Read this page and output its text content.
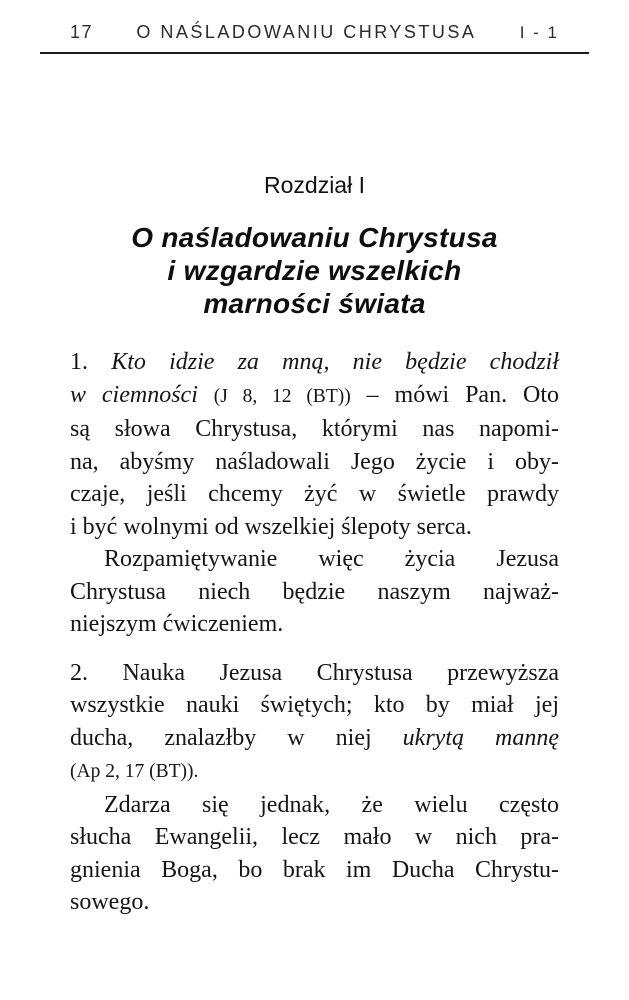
17 O NAŚLADOWANIU CHRYSTUSA	I - 1
Rozdział I
O naśladowaniu Chrystusa
i wzgardzie wszelkich
marności świata
1. Kto idzie za mną, nie będzie chodził
w ciemności (J 8, 12 (BT)) – mówi Pan. Oto
są słowa Chrystusa, którymi nas napomi-
na, abyśmy naśladowali Jego życie i oby-
czaje, jeśli chcemy żyć w świetle prawdy
i być wolnymi od wszelkiej ślepoty serca.
Rozpamiętywanie więc życia Jezusa
Chrystusa niech będzie naszym najważ-
niejszym ćwiczeniem.
2. Nauka Jezusa Chrystusa przewyższa
wszystkie nauki świętych; kto by miał jej
ducha, znalazłby w niej ukrytą mannę
(Ap 2, 17 (BT)).
Zdarza się jednak, że wielu często
słucha Ewangelii, lecz mało w nich pra-
gnienia Boga, bo brak im Ducha Chrystu-
sowego.
